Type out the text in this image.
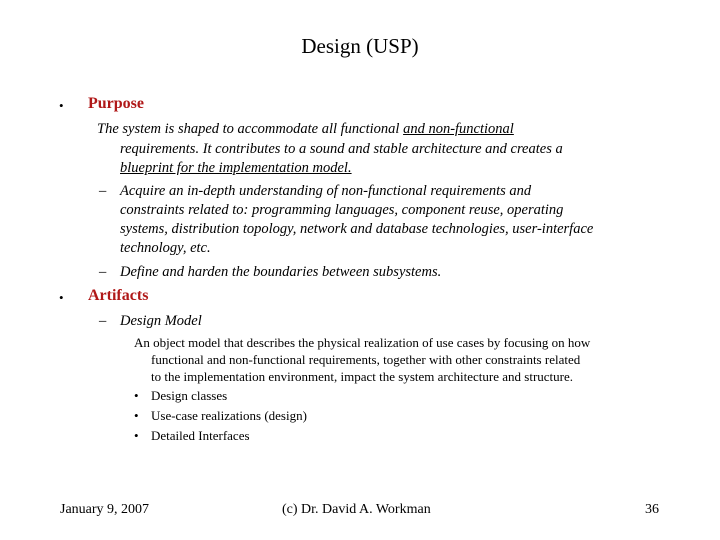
Design (USP)
• Purpose
The system is shaped to accommodate all functional and non-functional
requirements. It contributes to a sound and stable architecture and creates a
blueprint for the implementation model.
– Acquire an in-depth understanding of non-functional requirements and
constraints related to: programming languages, component reuse, operating
systems, distribution topology, network and database technologies, user-interface
technology, etc.
– Define and harden the boundaries between subsystems.
• Artifacts
– Design Model
An object model that describes the physical realization of use cases by focusing on how
functional and non-functional requirements, together with other constraints related
to the implementation environment, impact the system architecture and structure.
• Design classes
• Use-case realizations (design)
• Detailed Interfaces
January 9, 2007	(c) Dr. David A. Workman	36
